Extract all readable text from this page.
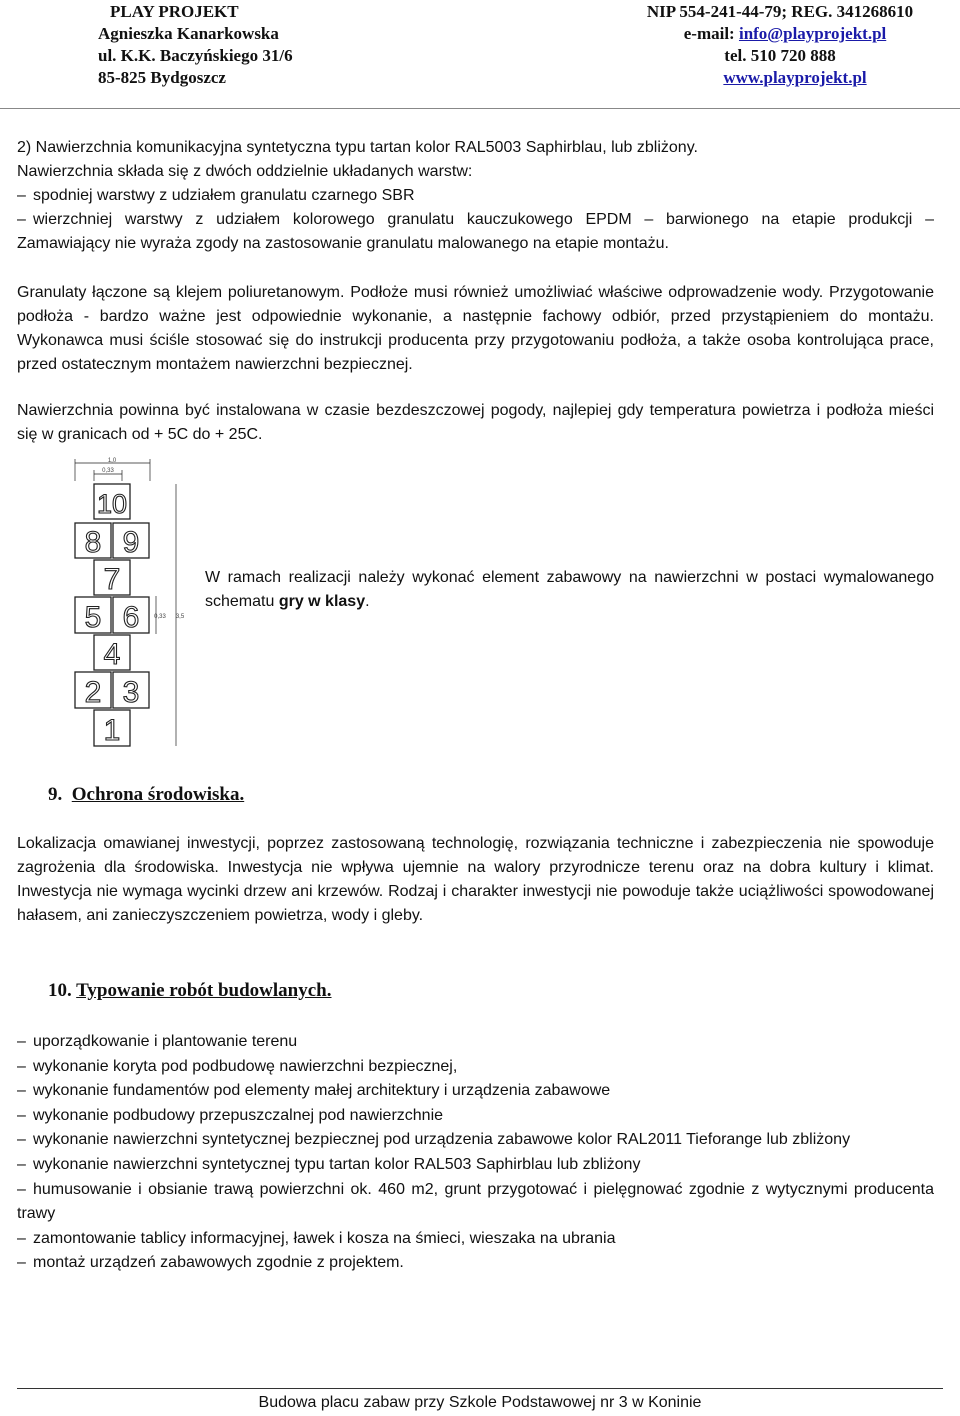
PLAY PROJEKT
Agnieszka Kanarkowska
ul. K.K. Baczyńskiego 31/6
85-825 Bydgoszcz
NIP 554-241-44-79; REG. 341268610
e-mail: info@playprojekt.pl
tel. 510 720 888
www.playprojekt.pl
2) Nawierzchnia komunikacyjna syntetyczna typu tartan kolor RAL5003 Saphirblau, lub zbliżony.
Nawierzchnia składa się z dwóch oddzielnie układanych warstw:
– spodniej warstwy z udziałem granulatu czarnego SBR
– wierzchniej warstwy z udziałem kolorowego granulatu kauczukowego EPDM – barwionego na etapie produkcji –
Zamawiający nie wyraża zgody na zastosowanie granulatu malowanego na etapie montażu.

Granulaty łączone są klejem poliuretanowym. Podłoże musi również umożliwiać właściwe odprowadzenie wody. Przygotowanie podłoża - bardzo ważne jest odpowiednie wykonanie, a następnie fachowy odbiór, przed przystąpieniem do montażu. Wykonawca musi ściśle stosować się do instrukcji producenta przy przygotowaniu podłoża, a także osoba kontrolująca prace, przed ostatecznym montażem nawierzchni bezpiecznej.

Nawierzchnia powinna być instalowana w czasie bezdeszczowej pogody, najlepiej gdy temperatura powietrza i podłoża mieści się w granicach od + 5C do + 25C.

10
8 9
7
5 6
4
2 3
1
1,0
0,33
0,33 3,5

W ramach realizacji należy wykonać element zabawowy na nawierzchni w postaci wymalowanego schematu gry w klasy.

9. Ochrona środowiska.

Lokalizacja omawianej inwestycji, poprzez zastosowaną technologię, rozwiązania techniczne i zabezpieczenia nie spowoduje zagrożenia dla środowiska. Inwestycja nie wpływa ujemnie na walory przyrodnicze terenu oraz na dobra kultury i klimat. Inwestycja nie wymaga wycinki drzew ani krzewów. Rodzaj i charakter inwestycji nie powoduje także uciążliwości spowodowanej hałasem, ani zanieczyszczeniem powietrza, wody i gleby.

10. Typowanie robót budowlanych.
– uporządkowanie i plantowanie terenu
– wykonanie koryta pod podbudowę nawierzchni bezpiecznej,
– wykonanie fundamentów pod elementy małej architektury i urządzenia zabawowe
– wykonanie podbudowy przepuszczalnej pod nawierzchnie
– wykonanie nawierzchni syntetycznej bezpiecznej pod urządzenia zabawowe kolor RAL2011 Tieforange lub zbliżony
– wykonanie nawierzchni syntetycznej typu tartan kolor RAL503 Saphirblau lub zbliżony
– humusowanie i obsianie trawą powierzchni ok. 460 m2, grunt przygotować i pielęgnować zgodnie z wytycznymi producenta trawy
– zamontowanie tablicy informacyjnej, ławek i kosza na śmieci, wieszaka na ubrania
– montaż urządzeń zabawowych zgodnie z projektem.
Budowa placu zabaw przy Szkole Podstawowej nr 3 w Koninie
